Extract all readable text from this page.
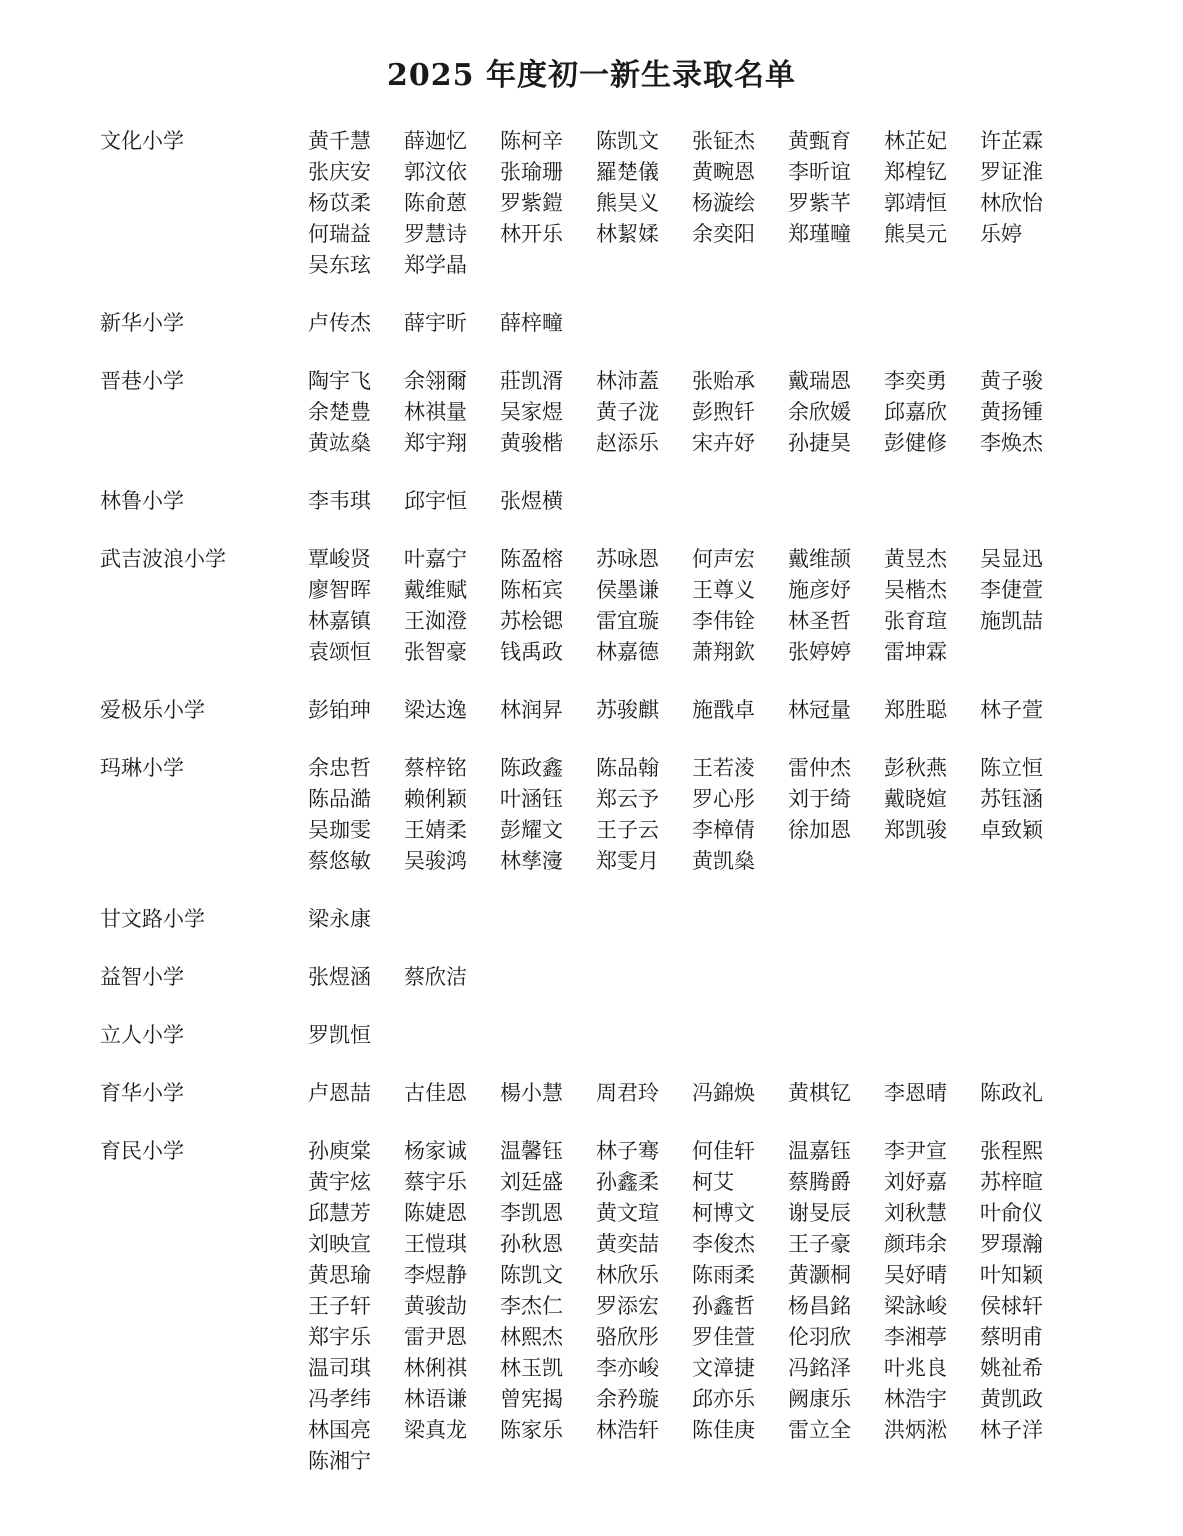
2025 年度初一新生录取名单
文化小学	黄千慧	薛迦忆	陈柯辛	陈凯文	张钲杰	黄甄育	林芷妃	许芷霖
张庆安	郭汶依	张瑜珊	羅楚儀	黄畹恩	李昕谊	郑楻钇	罗证淮
杨苡柔	陈俞蒽	罗紫鎧	熊昊义	杨漩绘	罗紫芊	郭靖恒	林欣怡
何瑞益	罗慧诗	林开乐	林絜媃	余奕阳	郑瑾疃	熊昊元	乐婷
吴东玹	郑学晶
新华小学	卢传杰	薛宇昕	薛梓疃
晋巷小学	陶宇飞	余翎爾	莊凯湑	林沛蓋	张贻承	戴瑞恩	李奕勇	黄子骏
余楚豊	林祺量	吴家煜	黄子泷	彭煦钎	余欣媛	邱嘉欣	黄扬锺
黄竑燊	郑宇翔	黄骏楷	赵添乐	宋卉妤	孙捷昊	彭健修	李焕杰
林鲁小学	李韦琪	邱宇恒	张煜横
武吉波浪小学	覃峻贤	叶嘉宁	陈盈榕	苏咏恩	何声宏	戴维颉	黄昱杰	吴显迅
廖智晖	戴维赋	陈柘宾	侯墨谦	王尊义	施彦妤	吴楷杰	李倢萱
林嘉镇	王洳澄	苏桧锶	雷宜璇	李伟铨	林圣哲	张育瑄	施凯喆
袁颂恒	张智豪	钱禹政	林嘉德	萧翔欽	张婷婷	雷坤霖
爱极乐小学	彭铂珅	梁达逸	林润昇	苏骏麒	施戬卓	林冠量	郑胜聪	林子萱
玛琳小学	余忠哲	蔡梓铭	陈政鑫	陈品翰	王若淩	雷仲杰	彭秋燕	陈立恒
陈品澔	赖俐颖	叶涵钰	郑云予	罗心彤	刘于绮	戴晓媗	苏钰涵
吴珈雯	王婧柔	彭耀文	王子云	李樟倩	徐加恩	郑凯骏	卓致颖
蔡悠敏	吴骏鸿	林孳濅	郑雯月	黄凯燊
甘文路小学	梁永康
益智小学	张煜涵	蔡欣洁
立人小学	罗凯恒
育华小学	卢恩喆	古佳恩	楊小慧	周君玲	冯錦焕	黄棋钇	李恩晴	陈政礼
育民小学	孙庾棠	杨家诚	温馨钰	林子骞	何佳轩	温嘉钰	李尹宣	张程熙
黄宇炫	蔡宇乐	刘廷盛	孙鑫柔	柯艾	蔡腾爵	刘妤嘉	苏梓暄
邱慧芳	陈婕恩	李凯恩	黄文瑄	柯博文	谢旻辰	刘秋慧	叶俞仪
刘映宣	王愷琪	孙秋恩	黄奕喆	李俊杰	王子豪	颜玮余	罗璟瀚
黄思瑜	李煜静	陈凯文	林欣乐	陈雨柔	黄灏桐	吴妤晴	叶知颖
王子轩	黄骏劼	李杰仁	罗添宏	孙鑫哲	杨昌銘	梁詠峻	侯梂轩
郑宇乐	雷尹恩	林熙杰	骆欣彤	罗佳萱	伦羽欣	李湘葶	蔡明甫
温司琪	林俐祺	林玉凯	李亦峻	文漳捷	冯銘泽	叶兆良	姚祉希
冯孝纬	林语谦	曾宪揭	余矜璇	邱亦乐	阙康乐	林浩宇	黄凯政
林国亮	梁真龙	陈家乐	林浩轩	陈佳庚	雷立全	洪炳淞	林子洋
陈湘宁
